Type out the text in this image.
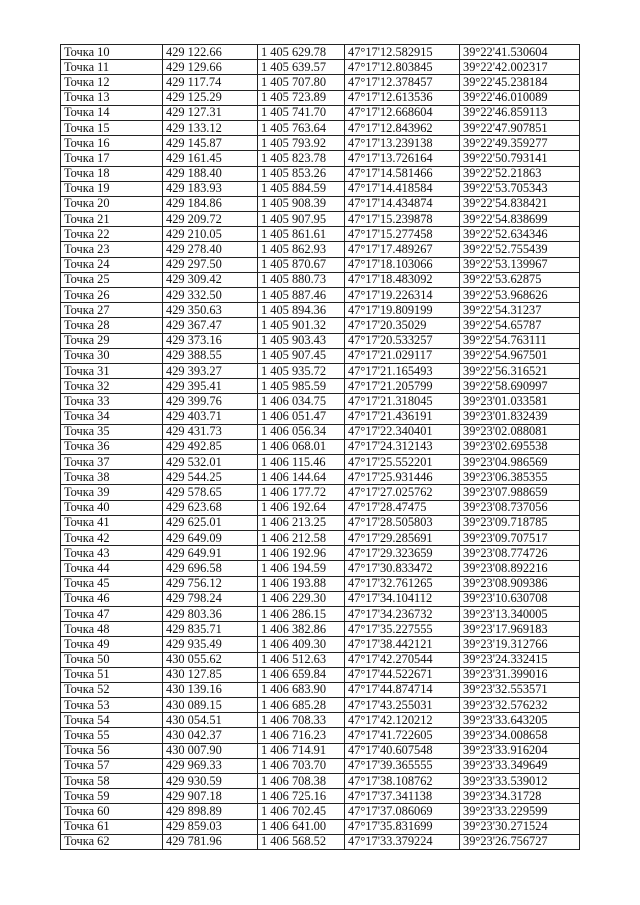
Точка 10	429 122.66	1 405 629.78	47°17'12.582915	39°22'41.530604
Точка 11	429 129.66	1 405 639.57	47°17'12.803845	39°22'42.002317
Точка 12	429 117.74	1 405 707.80	47°17'12.378457	39°22'45.238184
Точка 13	429 125.29	1 405 723.89	47°17'12.613536	39°22'46.010089
Точка 14	429 127.31	1 405 741.70	47°17'12.668604	39°22'46.859113
Точка 15	429 133.12	1 405 763.64	47°17'12.843962	39°22'47.907851
Точка 16	429 145.87	1 405 793.92	47°17'13.239138	39°22'49.359277
Точка 17	429 161.45	1 405 823.78	47°17'13.726164	39°22'50.793141
Точка 18	429 188.40	1 405 853.26	47°17'14.581466	39°22'52.21863
Точка 19	429 183.93	1 405 884.59	47°17'14.418584	39°22'53.705343
Точка 20	429 184.86	1 405 908.39	47°17'14.434874	39°22'54.838421
Точка 21	429 209.72	1 405 907.95	47°17'15.239878	39°22'54.838699
Точка 22	429 210.05	1 405 861.61	47°17'15.277458	39°22'52.634346
Точка 23	429 278.40	1 405 862.93	47°17'17.489267	39°22'52.755439
Точка 24	429 297.50	1 405 870.67	47°17'18.103066	39°22'53.139967
Точка 25	429 309.42	1 405 880.73	47°17'18.483092	39°22'53.62875
Точка 26	429 332.50	1 405 887.46	47°17'19.226314	39°22'53.968626
Точка 27	429 350.63	1 405 894.36	47°17'19.809199	39°22'54.31237
Точка 28	429 367.47	1 405 901.32	47°17'20.35029	39°22'54.65787
Точка 29	429 373.16	1 405 903.43	47°17'20.533257	39°22'54.763111
Точка 30	429 388.55	1 405 907.45	47°17'21.029117	39°22'54.967501
Точка 31	429 393.27	1 405 935.72	47°17'21.165493	39°22'56.316521
Точка 32	429 395.41	1 405 985.59	47°17'21.205799	39°22'58.690997
Точка 33	429 399.76	1 406 034.75	47°17'21.318045	39°23'01.033581
Точка 34	429 403.71	1 406 051.47	47°17'21.436191	39°23'01.832439
Точка 35	429 431.73	1 406 056.34	47°17'22.340401	39°23'02.088081
Точка 36	429 492.85	1 406 068.01	47°17'24.312143	39°23'02.695538
Точка 37	429 532.01	1 406 115.46	47°17'25.552201	39°23'04.986569
Точка 38	429 544.25	1 406 144.64	47°17'25.931446	39°23'06.385355
Точка 39	429 578.65	1 406 177.72	47°17'27.025762	39°23'07.988659
Точка 40	429 623.68	1 406 192.64	47°17'28.47475	39°23'08.737056
Точка 41	429 625.01	1 406 213.25	47°17'28.505803	39°23'09.718785
Точка 42	429 649.09	1 406 212.58	47°17'29.285691	39°23'09.707517
Точка 43	429 649.91	1 406 192.96	47°17'29.323659	39°23'08.774726
Точка 44	429 696.58	1 406 194.59	47°17'30.833472	39°23'08.892216
Точка 45	429 756.12	1 406 193.88	47°17'32.761265	39°23'08.909386
Точка 46	429 798.24	1 406 229.30	47°17'34.104112	39°23'10.630708
Точка 47	429 803.36	1 406 286.15	47°17'34.236732	39°23'13.340005
Точка 48	429 835.71	1 406 382.86	47°17'35.227555	39°23'17.969183
Точка 49	429 935.49	1 406 409.30	47°17'38.442121	39°23'19.312766
Точка 50	430 055.62	1 406 512.63	47°17'42.270544	39°23'24.332415
Точка 51	430 127.85	1 406 659.84	47°17'44.522671	39°23'31.399016
Точка 52	430 139.16	1 406 683.90	47°17'44.874714	39°23'32.553571
Точка 53	430 089.15	1 406 685.28	47°17'43.255031	39°23'32.576232
Точка 54	430 054.51	1 406 708.33	47°17'42.120212	39°23'33.643205
Точка 55	430 042.37	1 406 716.23	47°17'41.722605	39°23'34.008658
Точка 56	430 007.90	1 406 714.91	47°17'40.607548	39°23'33.916204
Точка 57	429 969.33	1 406 703.70	47°17'39.365555	39°23'33.349649
Точка 58	429 930.59	1 406 708.38	47°17'38.108762	39°23'33.539012
Точка 59	429 907.18	1 406 725.16	47°17'37.341138	39°23'34.31728
Точка 60	429 898.89	1 406 702.45	47°17'37.086069	39°23'33.229599
Точка 61	429 859.03	1 406 641.00	47°17'35.831699	39°23'30.271524
Точка 62	429 781.96	1 406 568.52	47°17'33.379224	39°23'26.756727
